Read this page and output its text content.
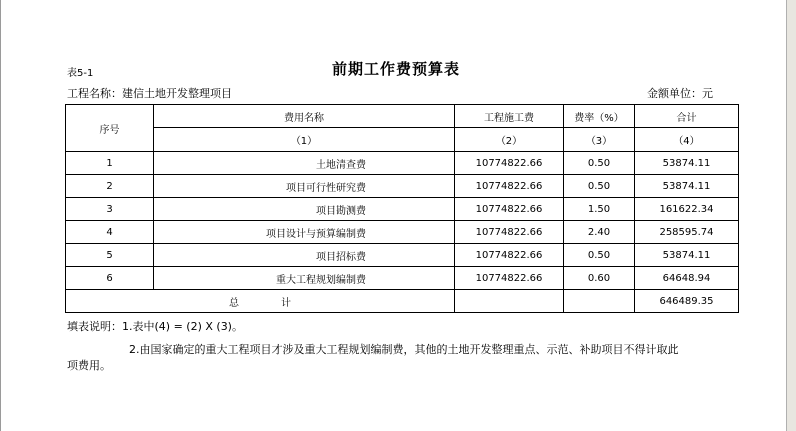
表5-1	前期工作费预算表
工程名称：建信土地开发整理项目	金额单位：元
序号	费用名称	工程施工费	费率（%）	合计
	（1）	（2）	（3）	（4）
1	土地清查费	10774822.66	0.50	53874.11
2	项目可行性研究费	10774822.66	0.50	53874.11
3	项目勘测费	10774822.66	1.50	161622.34
4	项目设计与预算编制费	10774822.66	2.40	258595.74
5	项目招标费	10774822.66	0.50	53874.11
6	重大工程规划编制费	10774822.66	0.60	64648.94
总 计				646489.35
填表说明：1.表中(4) = (2) X (3)。
2.由国家确定的重大工程项目才涉及重大工程规划编制费，其他的土地开发整理重点、示范、补助项目不得计取此
项费用。
